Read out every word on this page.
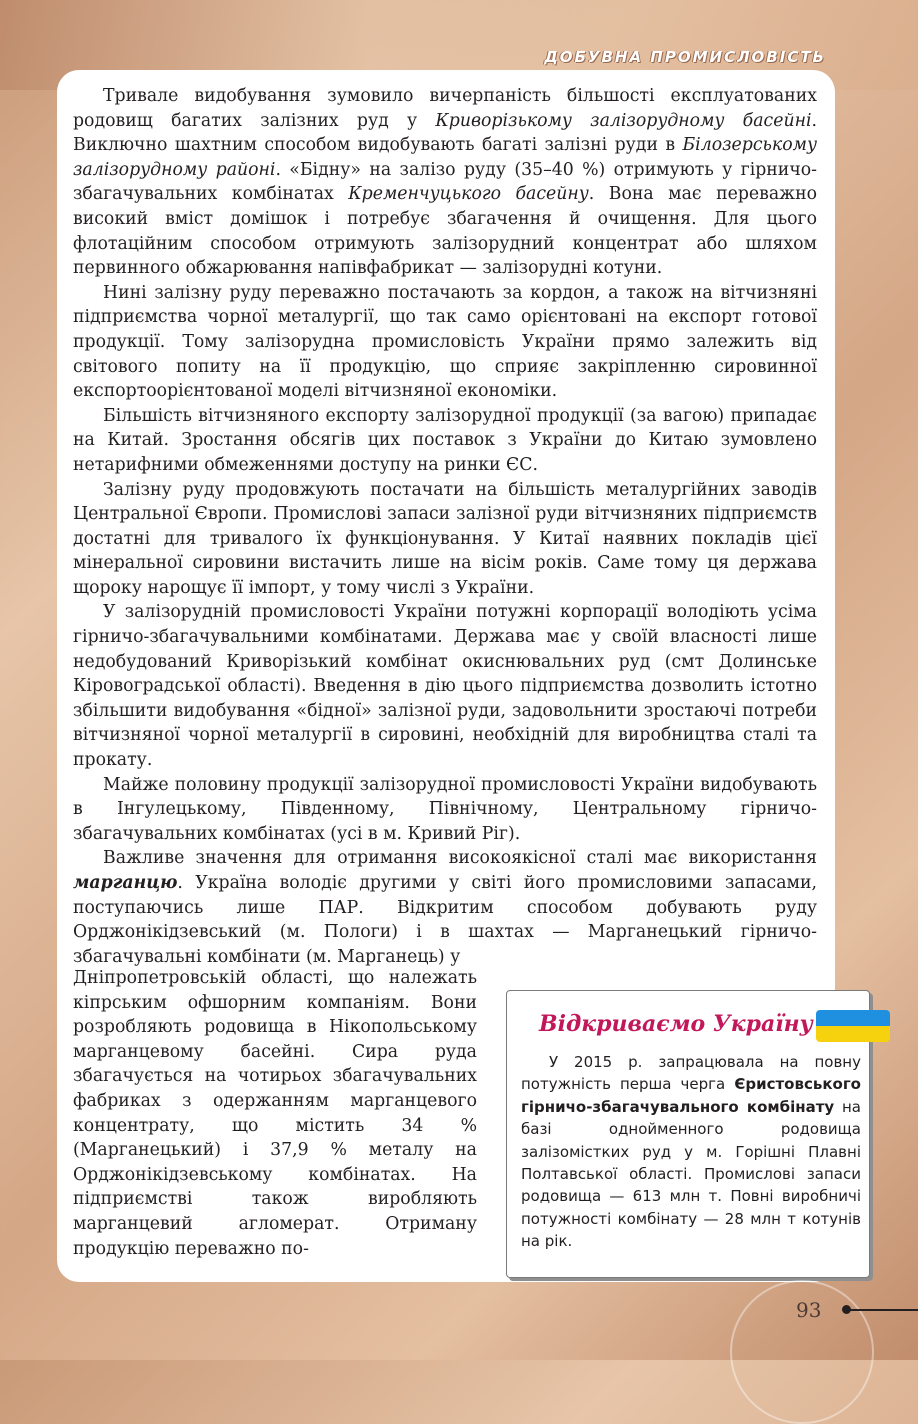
ДОБУВНА ПРОМИСЛОВІСТЬ

Тривале видобування зумовило вичерпаність більшості експлуатованих родовищ багатих залізних руд у Криворізькому залізорудному басейні. Виключно шахтним способом видобувають багаті залізні руди в Білозерському залізорудному районі. «Бідну» на залізо руду (35–40 %) отримують у гірничо-збагачувальних комбінатах Кременчуцького басейну. Вона має переважно високий вміст домішок і потребує збагачення й очищення. Для цього флотаційним способом отримують залізорудний концентрат або шляхом первинного обжарювання напівфабрикат — залізорудні котуни.

Нині залізну руду переважно постачають за кордон, а також на вітчизняні підприємства чорної металургії, що так само орієнтовані на експорт готової продукції. Тому залізорудна промисловість України прямо залежить від світового попиту на її продукцію, що сприяє закріпленню сировинної експортоорієнтованої моделі вітчизняної економіки.

Більшість вітчизняного експорту залізорудної продукції (за вагою) припадає на Китай. Зростання обсягів цих поставок з України до Китаю зумовлено нетарифними обмеженнями доступу на ринки ЄС.

Залізну руду продовжують постачати на більшість металургійних заводів Центральної Європи. Промислові запаси залізної руди вітчизняних підприємств достатні для тривалого їх функціонування. У Китаї наявних покладів цієї мінеральної сировини вистачить лише на вісім років. Саме тому ця держава щороку нарощує її імпорт, у тому числі з України.

У залізорудній промисловості України потужні корпорації володіють усіма гірничо-збагачувальними комбінатами. Держава має у своїй власності лише недобудований Криворізький комбінат окиснювальних руд (смт Долинське Кіровоградської області). Введення в дію цього підприємства дозволить істотно збільшити видобування «бідної» залізної руди, задовольнити зростаючі потреби вітчизняної чорної металургії в сировині, необхідній для виробництва сталі та прокату.

Майже половину продукції залізорудної промисловості України видобувають в Інгулецькому, Південному, Північному, Центральному гірничо-збагачувальних комбінатах (усі в м. Кривий Ріг).

Важливе значення для отримання високоякісної сталі має використання марганцю. Україна володіє другими у світі його промисловими запасами, поступаючись лише ПАР. Відкритим способом добувають руду Орджонікідзевський (м. Пологи) і в шахтах — Марганецький гірничо-збагачувальні комбінати (м. Марганець) у

Дніпропетровській області, що належать кіпрським офшорним компаніям. Вони розробляють родовища в Нікопольському марганцевому басейні. Сира руда збагачується на чотирьох збагачувальних фабриках з одержанням марганцевого концентрату, що містить 34 % (Марганецький) і 37,9 % металу на Орджонікідзевському комбінатах. На підприємстві також виробляють марганцевий агломерат. Отриману продукцію переважно по-

Відкриваємо Україну
У 2015 р. запрацювала на повну потужність перша черга Єристовського гірничо-збагачувального комбінату на базі однойменного родовища залізомістких руд у м. Горішні Плавні Полтавської області. Промислові запаси родовища — 613 млн т. Повні виробничі потужності комбінату — 28 млн т котунів на рік.
93
